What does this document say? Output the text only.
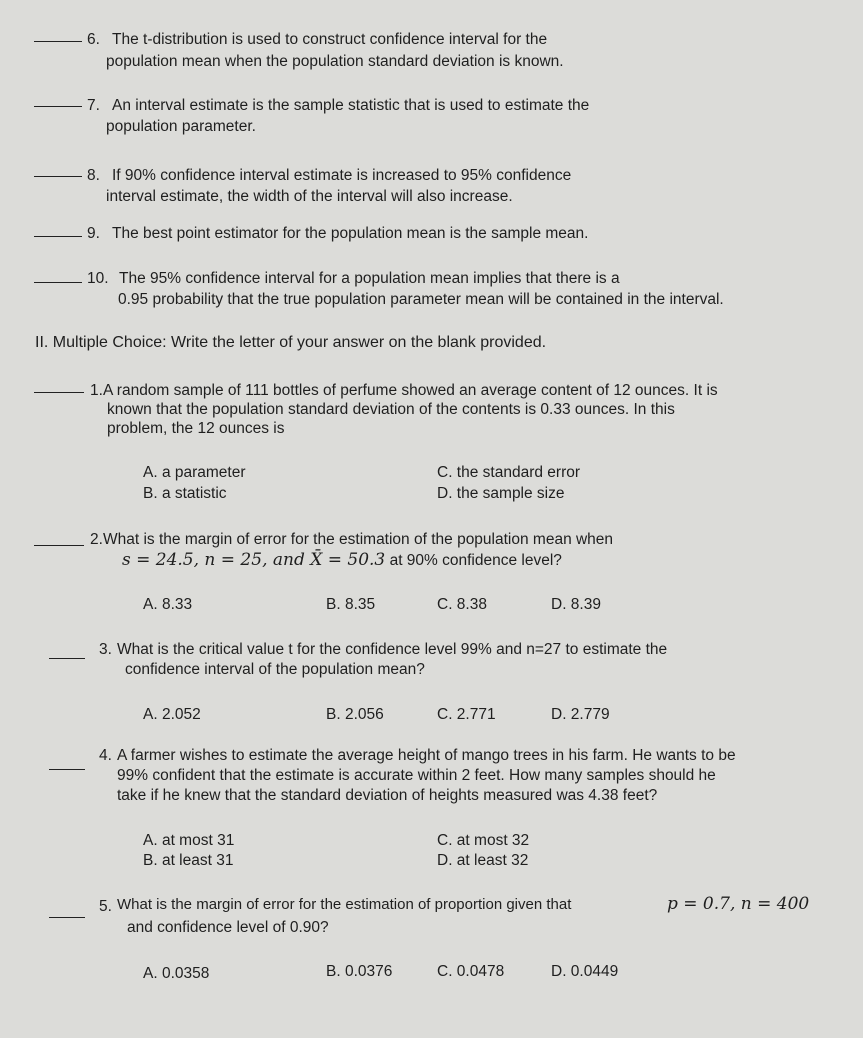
6. The t-distribution is used to construct confidence interval for the
population mean when the population standard deviation is known.
7. An interval estimate is the sample statistic that is used to estimate the
population parameter.
8. If 90% confidence interval estimate is increased to 95% confidence
interval estimate, the width of the interval will also increase.
9. The best point estimator for the population mean is the sample mean.
10. The 95% confidence interval for a population mean implies that there is a
0.95 probability that the true population parameter mean will be contained in the interval.
II. Multiple Choice: Write the letter of your answer on the blank provided.
1. A random sample of 111 bottles of perfume showed an average content of 12 ounces. It is
known that the population standard deviation of the contents is 0.33 ounces. In this
problem, the 12 ounces is
A. a parameter	C. the standard error
B. a statistic	D. the sample size
2. What is the margin of error for the estimation of the population mean when
s = 24.5, n = 25, and X̄ = 50.3 at 90% confidence level?
A. 8.33	B. 8.35	C. 8.38	D. 8.39
3. What is the critical value t for the confidence level 99% and n=27 to estimate the
confidence interval of the population mean?
A. 2.052	B. 2.056	C. 2.771	D. 2.779
4. A farmer wishes to estimate the average height of mango trees in his farm. He wants to be
99% confident that the estimate is accurate within 2 feet. How many samples should he
take if he knew that the standard deviation of heights measured was 4.38 feet?
A. at most 31	C. at most 32
B. at least 31	D. at least 32
5. What is the margin of error for the estimation of proportion given that	p = 0.7, n = 400
and confidence level of 0.90?
A. 0.0358	B. 0.0376	C. 0.0478	D. 0.0449
